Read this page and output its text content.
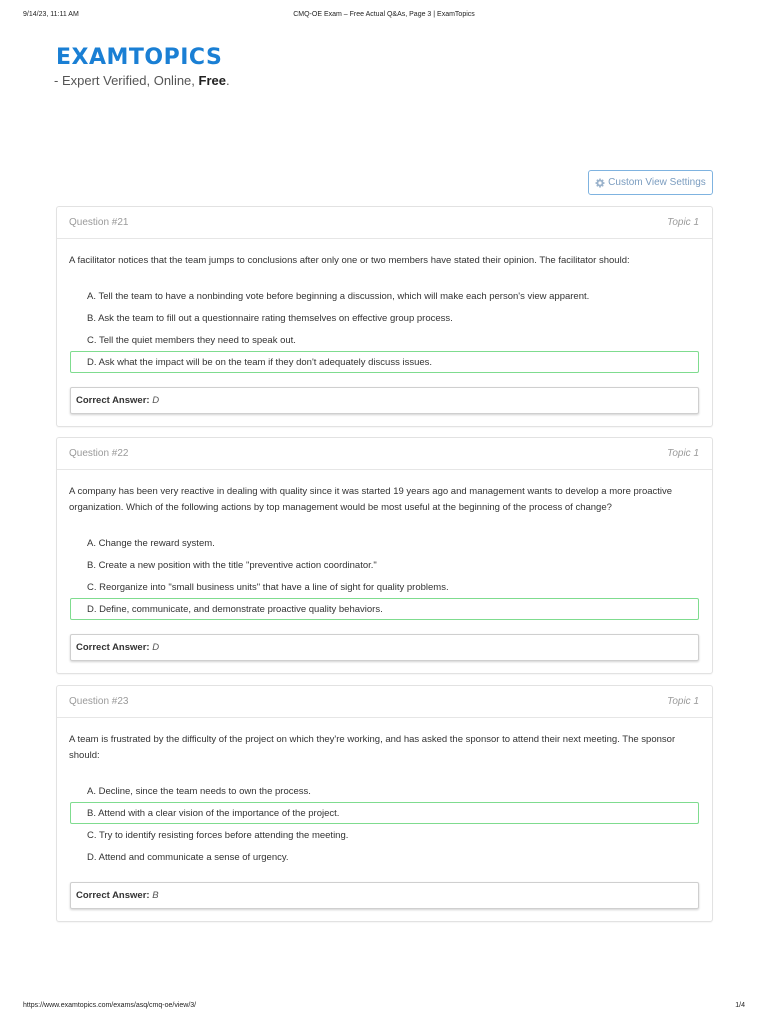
9/14/23, 11:11 AM	CMQ-OE Exam – Free Actual Q&As, Page 3 | ExamTopics
EXAMTOPICS
- Expert Verified, Online, Free.
Custom View Settings
Question #21	Topic 1
A facilitator notices that the team jumps to conclusions after only one or two members have stated their opinion. The facilitator should:
A. Tell the team to have a nonbinding vote before beginning a discussion, which will make each person's view apparent.
B. Ask the team to fill out a questionnaire rating themselves on effective group process.
C. Tell the quiet members they need to speak out.
D. Ask what the impact will be on the team if they don't adequately discuss issues.
Correct Answer: D
Question #22	Topic 1
A company has been very reactive in dealing with quality since it was started 19 years ago and management wants to develop a more proactive organization. Which of the following actions by top management would be most useful at the beginning of the process of change?
A. Change the reward system.
B. Create a new position with the title "preventive action coordinator."
C. Reorganize into "small business units" that have a line of sight for quality problems.
D. Define, communicate, and demonstrate proactive quality behaviors.
Correct Answer: D
Question #23	Topic 1
A team is frustrated by the difficulty of the project on which they're working, and has asked the sponsor to attend their next meeting. The sponsor should:
A. Decline, since the team needs to own the process.
B. Attend with a clear vision of the importance of the project.
C. Try to identify resisting forces before attending the meeting.
D. Attend and communicate a sense of urgency.
Correct Answer: B
https://www.examtopics.com/exams/asq/cmq-oe/view/3/	1/4
